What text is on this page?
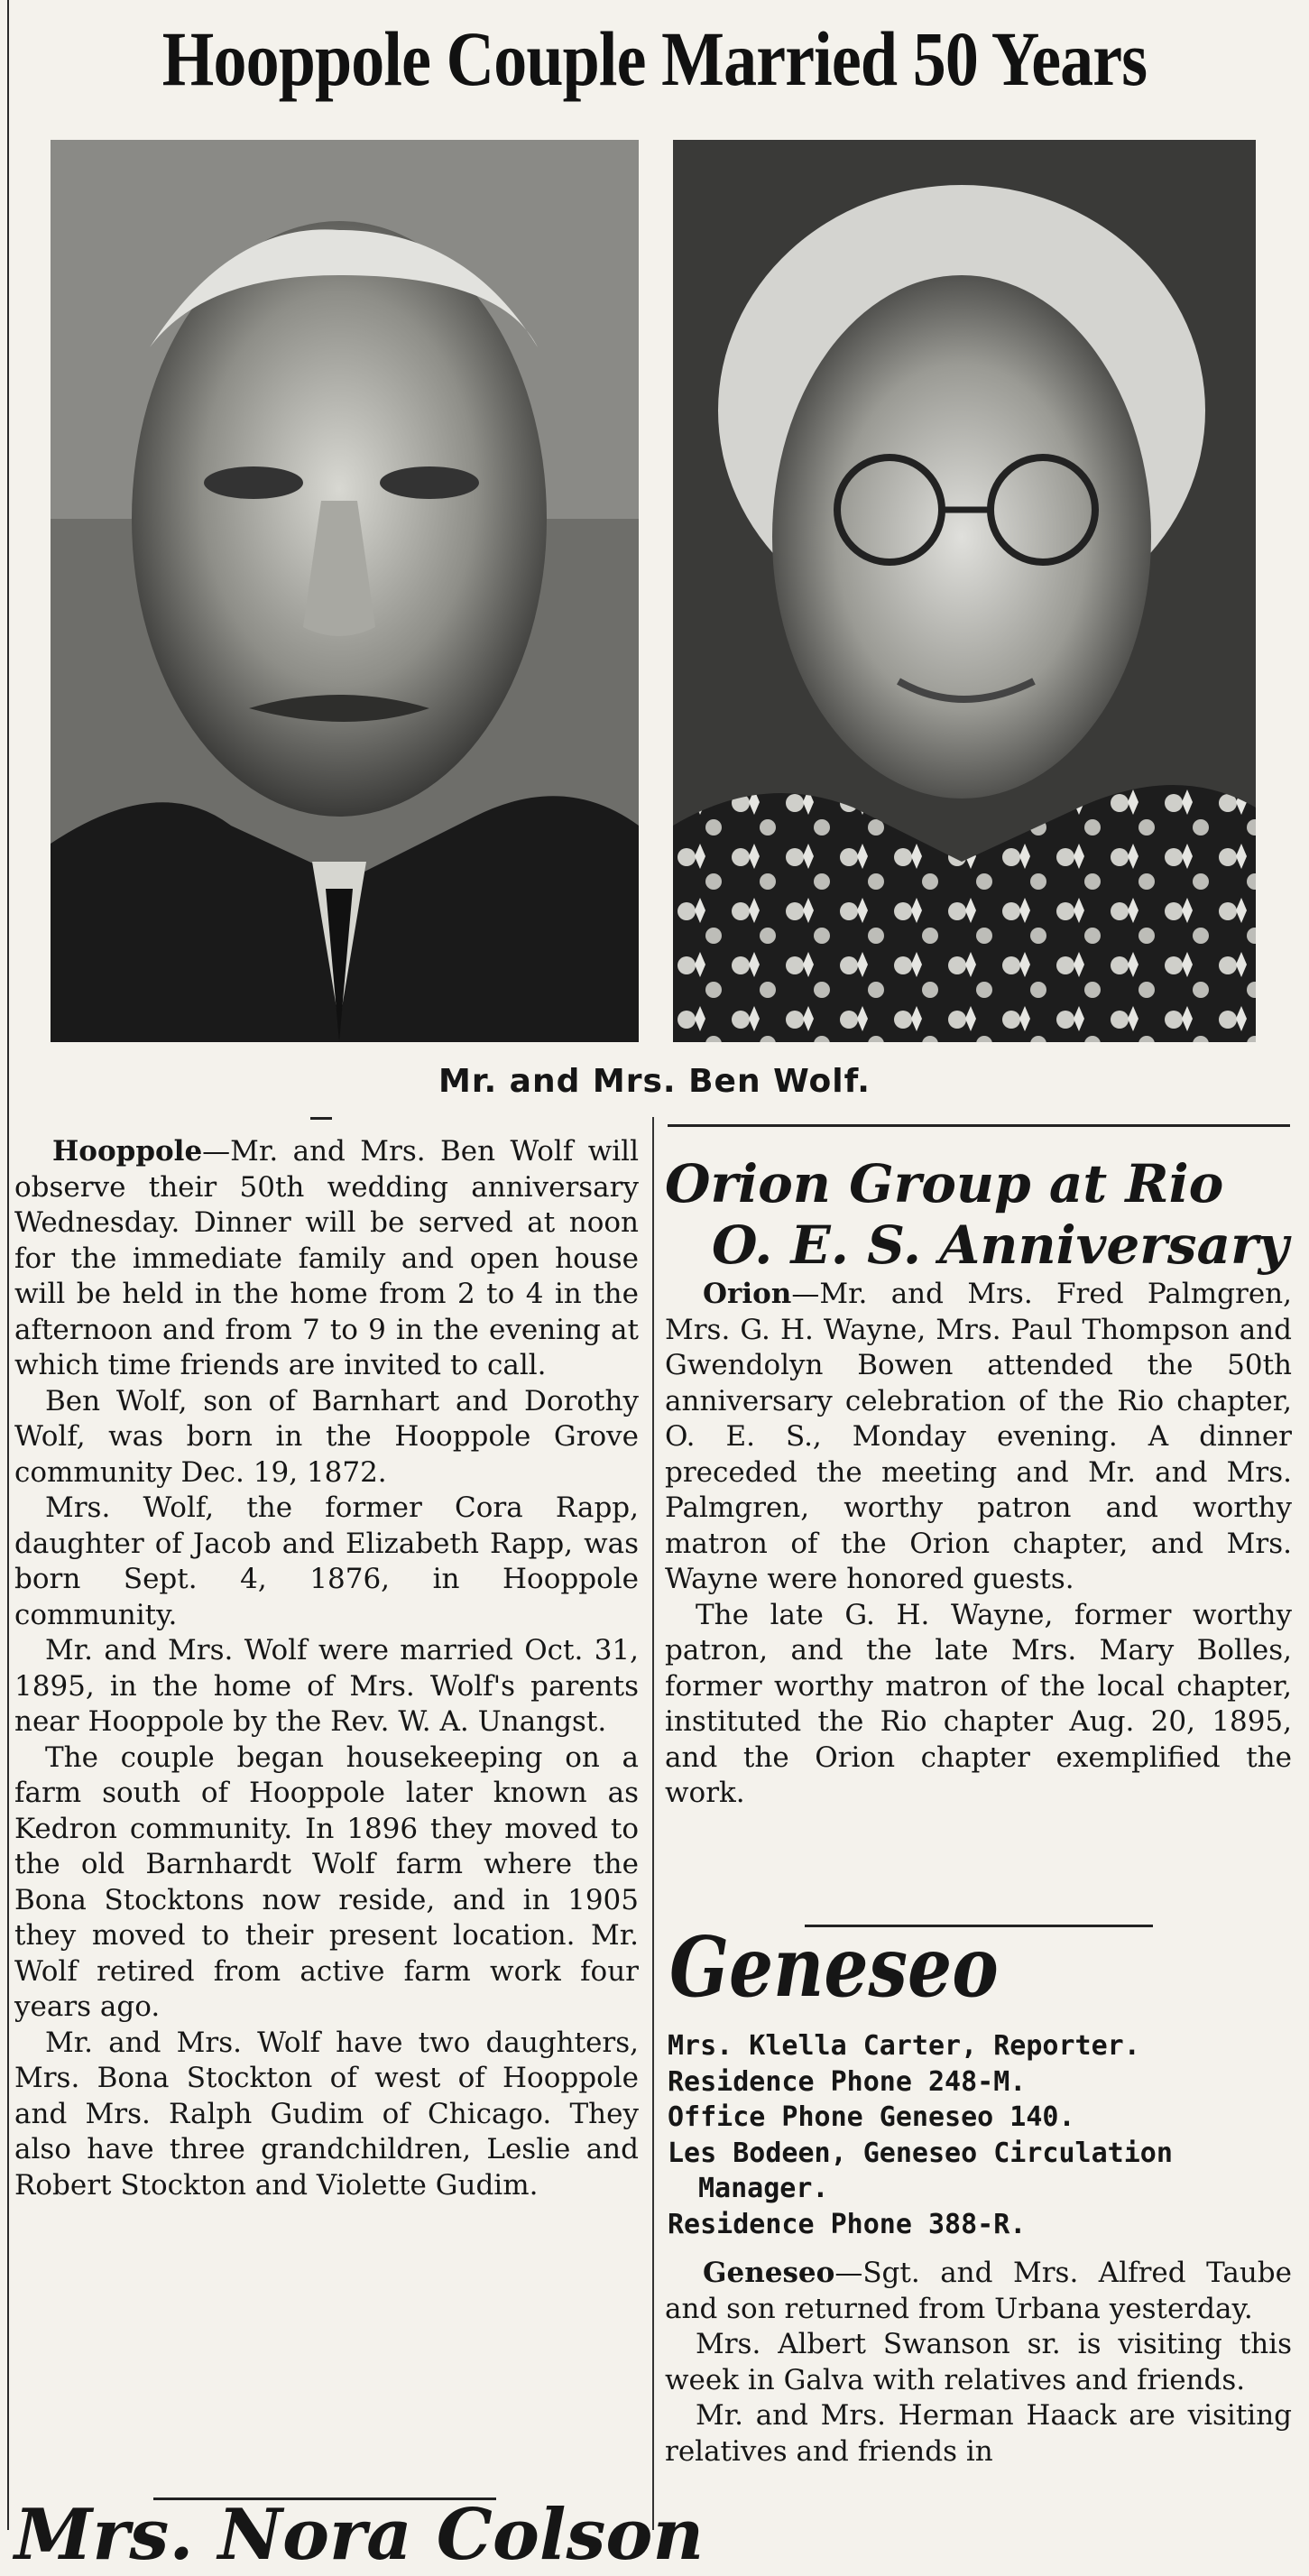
Hooppole Couple Married 50 Years
Mr. and Mrs. Ben Wolf.

Hooppole—Mr. and Mrs. Ben Wolf will observe their 50th wedding anniversary Wednesday. Dinner will be served at noon for the immediate family and open house will be held in the home from 2 to 4 in the afternoon and from 7 to 9 in the evening at which time friends are invited to call.

Ben Wolf, son of Barnhart and Dorothy Wolf, was born in the Hooppole Grove community Dec. 19, 1872.

Mrs. Wolf, the former Cora Rapp, daughter of Jacob and Elizabeth Rapp, was born Sept. 4, 1876, in Hooppole community.

Mr. and Mrs. Wolf were married Oct. 31, 1895, in the home of Mrs. Wolf's parents near Hooppole by the Rev. W. A. Unangst.

The couple began housekeeping on a farm south of Hooppole later known as Kedron community. In 1896 they moved to the old Barnhardt Wolf farm where the Bona Stocktons now reside, and in 1905 they moved to their present location. Mr. Wolf retired from active farm work four years ago.

Mr. and Mrs. Wolf have two daughters, Mrs. Bona Stockton of west of Hooppole and Mrs. Ralph Gudim of Chicago. They also have three grandchildren, Leslie and Robert Stockton and Violette Gudim.

Orion Group at Rio
O. E. S. Anniversary

Orion—Mr. and Mrs. Fred Palmgren, Mrs. G. H. Wayne, Mrs. Paul Thompson and Gwendolyn Bowen attended the 50th anniversary celebration of the Rio chapter, O. E. S., Monday evening. A dinner preceded the meeting and Mr. and Mrs. Palmgren, worthy patron and worthy matron of the Orion chapter, and Mrs. Wayne were honored guests.

The late G. H. Wayne, former worthy patron, and the late Mrs. Mary Bolles, former worthy matron of the local chapter, instituted the Rio chapter Aug. 20, 1895, and the Orion chapter exemplified the work.

Geneseo
Mrs. Klella Carter, Reporter.
Residence Phone 248-M.
Office Phone Geneseo 140.
Les Bodeen, Geneseo Circulation
Manager.
Residence Phone 388-R.

Geneseo—Sgt. and Mrs. Alfred Taube and son returned from Urbana yesterday.

Mrs. Albert Swanson sr. is visiting this week in Galva with relatives and friends.

Mr. and Mrs. Herman Haack are visiting relatives and friends in

Mrs. Nora Colson
